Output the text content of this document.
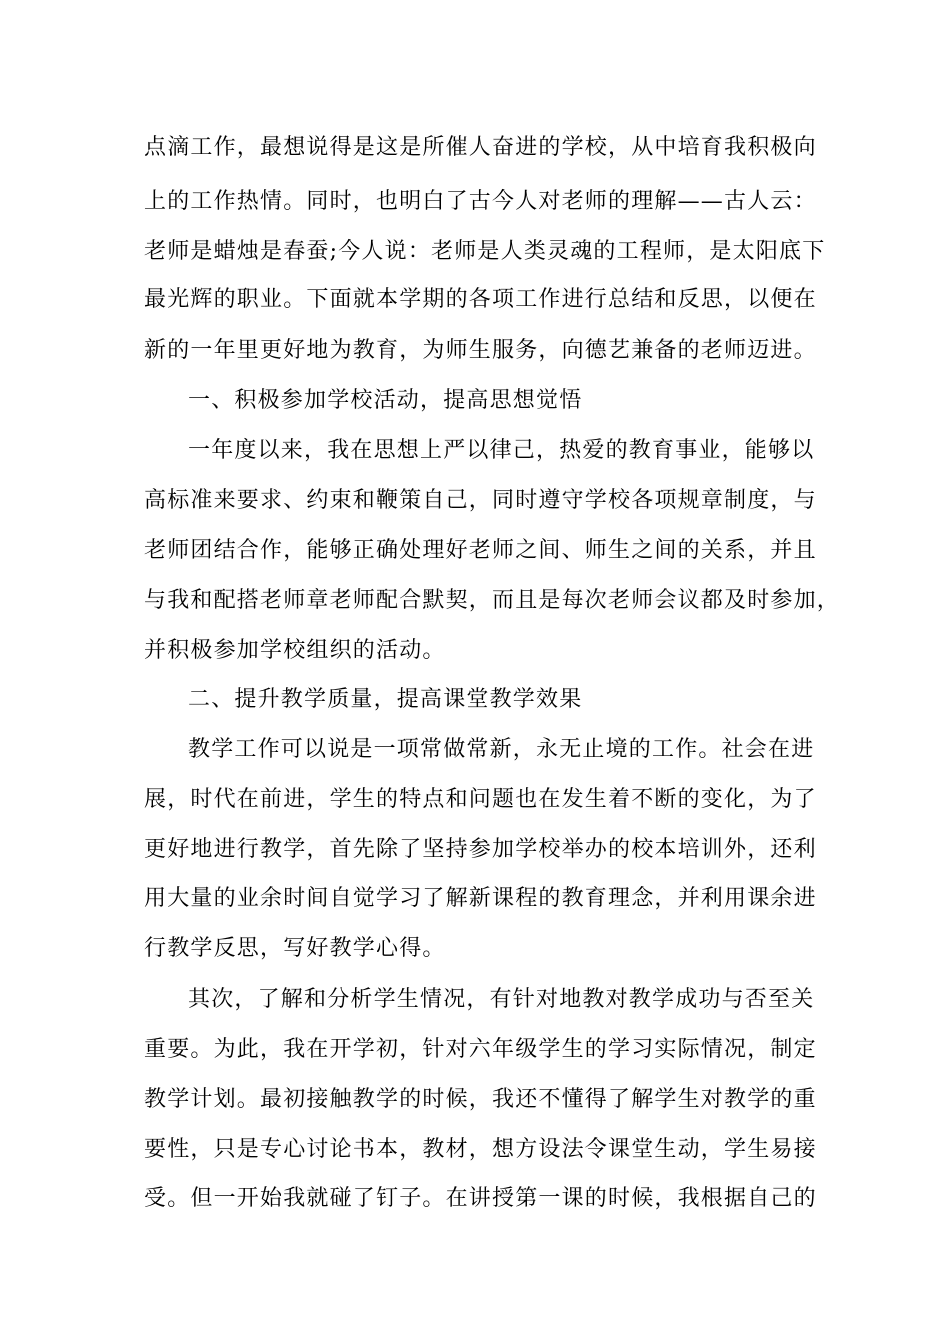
点滴工作，最想说得是这是所催人奋进的学校，从中培育我积极向
上的工作热情。同时，也明白了古今人对老师的理解——古人云：
老师是蜡烛是春蚕;今人说：老师是人类灵魂的工程师，是太阳底下
最光辉的职业。下面就本学期的各项工作进行总结和反思，以便在
新的一年里更好地为教育，为师生服务，向德艺兼备的老师迈进。
一、积极参加学校活动，提高思想觉悟
一年度以来，我在思想上严以律己，热爱的教育事业，能够以
高标准来要求、约束和鞭策自己，同时遵守学校各项规章制度，与
老师团结合作，能够正确处理好老师之间、师生之间的关系，并且
与我和配搭老师章老师配合默契，而且是每次老师会议都及时参加，
并积极参加学校组织的活动。
二、提升教学质量，提高课堂教学效果
教学工作可以说是一项常做常新，永无止境的工作。社会在进
展，时代在前进，学生的特点和问题也在发生着不断的变化，为了
更好地进行教学，首先除了坚持参加学校举办的校本培训外，还利
用大量的业余时间自觉学习了解新课程的教育理念，并利用课余进
行教学反思，写好教学心得。
其次，了解和分析学生情况，有针对地教对教学成功与否至关
重要。为此，我在开学初，针对六年级学生的学习实际情况，制定
教学计划。最初接触教学的时候，我还不懂得了解学生对教学的重
要性，只是专心讨论书本，教材，想方设法令课堂生动，学生易接
受。但一开始我就碰了钉子。在讲授第一课的时候，我根据自己的
